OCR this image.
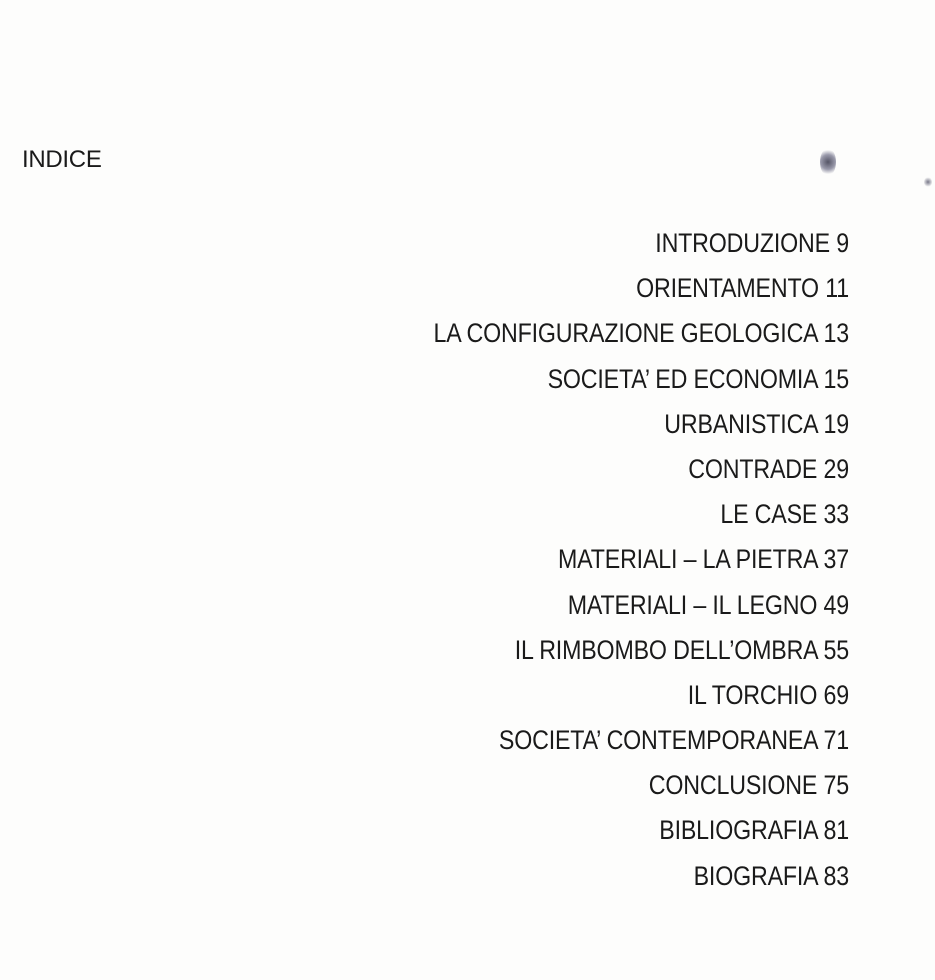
INDICE
INTRODUZIONE 9
ORIENTAMENTO 11
LA CONFIGURAZIONE GEOLOGICA 13
SOCIETA’ ED ECONOMIA 15
URBANISTICA 19
CONTRADE 29
LE CASE 33
MATERIALI – LA PIETRA 37
MATERIALI – IL LEGNO 49
IL RIMBOMBO DELL’OMBRA 55
IL TORCHIO 69
SOCIETA’ CONTEMPORANEA 71
CONCLUSIONE 75
BIBLIOGRAFIA 81
BIOGRAFIA 83
